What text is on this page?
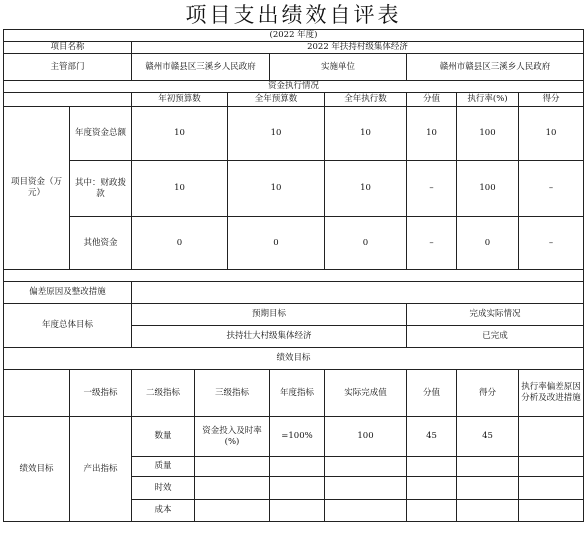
项目支出绩效自评表
(2022 年度)									
项目名称		2022 年扶持村级集体经济							
主管部门		赣州市赣县区三溪乡人民政府			实施单位		赣州市赣县区三溪乡人民政府		
资金执行情况									
		年初预算数		全年预算数		全年执行数	分值	执行率(%)	得分
项目资金（万元）	年度资金总额	10		10		10	10	100	10
	其中：财政拨款	10		10		10	–	100	–
	其他资金	0		0		0	–	0	–

偏差原因及整改措施									
年度总体目标		预期目标					完成实际情况		
		扶持壮大村级集体经济					已完成		
绩效目标									
	一级指标	二级指标	三级指标		年度指标	实际完成值	分值	得分	执行率偏差原因分析及改进措施
绩效目标	产出指标	数量	资金投入及时率(%)		=100%	100	45	45	
		质量							
		时效							
		成本							
